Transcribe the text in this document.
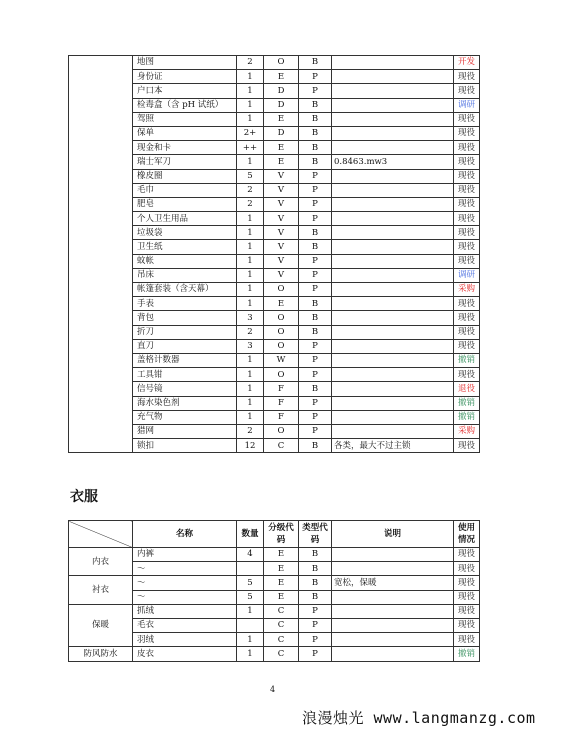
	地图	2	O	B		开发
	身份证	1	E	P		现役
	户口本	1	D	P		现役
	检毒盒（含 pH 试纸）	1	D	B		调研
	驾照	1	E	B		现役
	保单	2+	D	B		现役
	现金和卡	++	E	B		现役
	瑞士军刀	1	E	B	0.8463.mw3	现役
	橡皮圈	5	V	P		现役
	毛巾	2	V	P		现役
	肥皂	2	V	P		现役
	个人卫生用品	1	V	P		现役
	垃圾袋	1	V	B		现役
	卫生纸	1	V	B		现役
	蚊帐	1	V	P		现役
	吊床	1	V	P		调研
	帐篷套装（含天幕）	1	O	P		采购
	手表	1	E	B		现役
	背包	3	O	B		现役
	折刀	2	O	B		现役
	直刀	3	O	P		现役
	盖格计数器	1	W	P		撤销
	工具钳	1	O	P		现役
	信号镜	1	F	B		退役
	海水染色剂	1	F	P		撤销
	充气物	1	F	P		撤销
	猎网	2	O	P		采购
	锁扣	12	C	B	各类，最大不过主锁	现役
衣服
	名称	数量	分级代码	类型代码	说明	使用情况
内衣	内裤	4	E	B		现役
	〜		E	B		现役
衬衣	〜	5	E	B	宽松，保暖	现役
	〜	5	E	B		现役
保暖	抓绒	1	C	P		现役
	毛衣		C	P		现役
	羽绒	1	C	P		现役
防风防水	皮衣	1	C	P		撤销
4
浪漫烛光 www.langmanzg.com
